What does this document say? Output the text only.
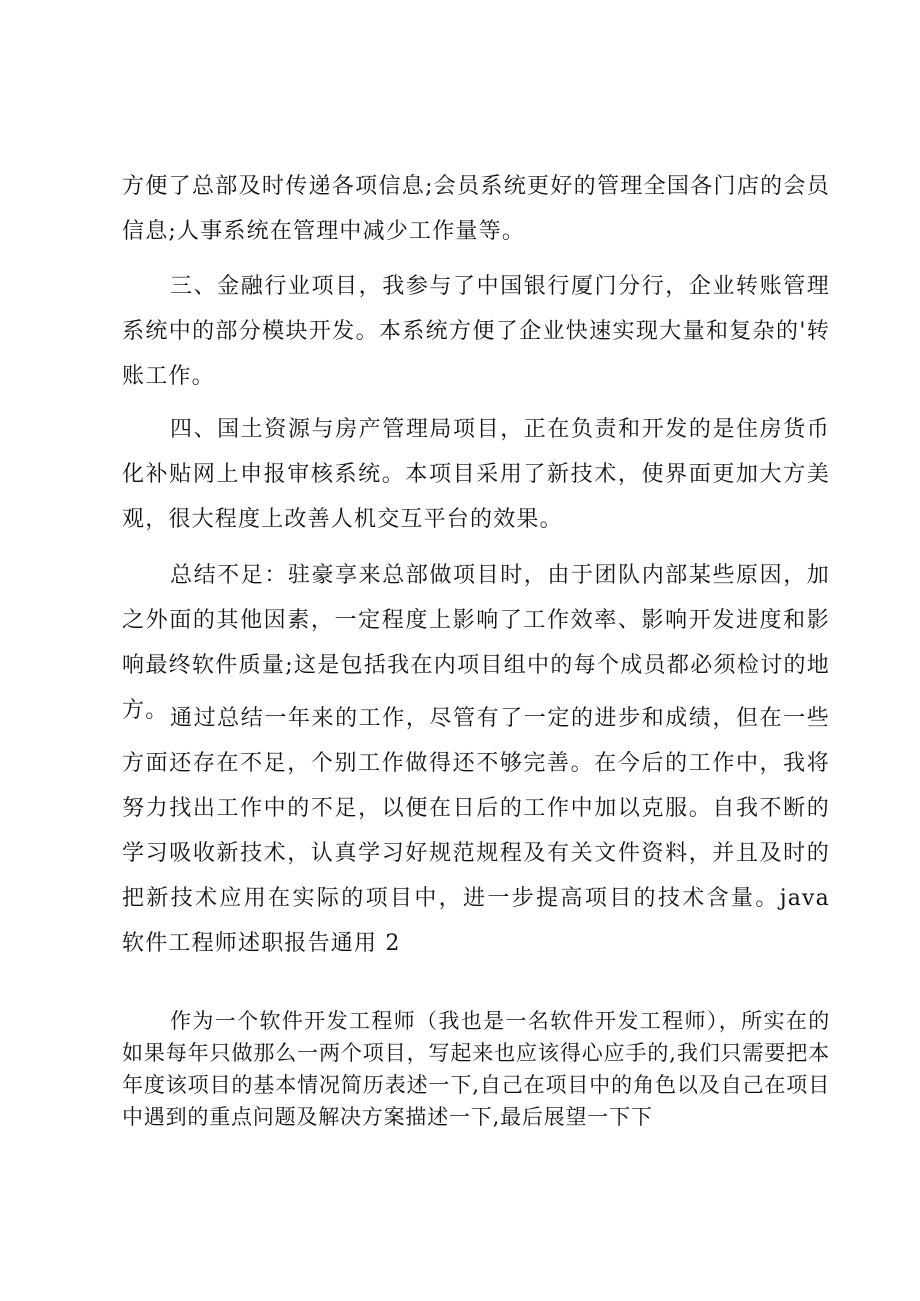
方便了总部及时传递各项信息;会员系统更好的管理全国各门店的会员信息;人事系统在管理中减少工作量等。

三、金融行业项目，我参与了中国银行厦门分行，企业转账管理系统中的部分模块开发。本系统方便了企业快速实现大量和复杂的'转账工作。

四、国土资源与房产管理局项目，正在负责和开发的是住房货币化补贴网上申报审核系统。本项目采用了新技术，使界面更加大方美观，很大程度上改善人机交互平台的效果。

总结不足：驻豪享来总部做项目时，由于团队内部某些原因，加之外面的其他因素，一定程度上影响了工作效率、影响开发进度和影响最终软件质量;这是包括我在内项目组中的每个成员都必须检讨的地方。 通过总结一年来的工作，尽管有了一定的进步和成绩，但在一些方面还存在不足，个别工作做得还不够完善。在今后的工作中，我将努力找出工作中的不足，以便在日后的工作中加以克服。自我不断的学习吸收新技术，认真学习好规范规程及有关文件资料，并且及时的把新技术应用在实际的项目中，进一步提高项目的技术含量。java 软件工程师述职报告通用 2

作为一个软件开发工程师（我也是一名软件开发工程师），所实在的如果每年只做那么一两个项目，写起来也应该得心应手的,我们只需要把本年度该项目的基本情况简历表述一下,自己在项目中的角色以及自己在项目中遇到的重点问题及解决方案描述一下,最后展望一下下
